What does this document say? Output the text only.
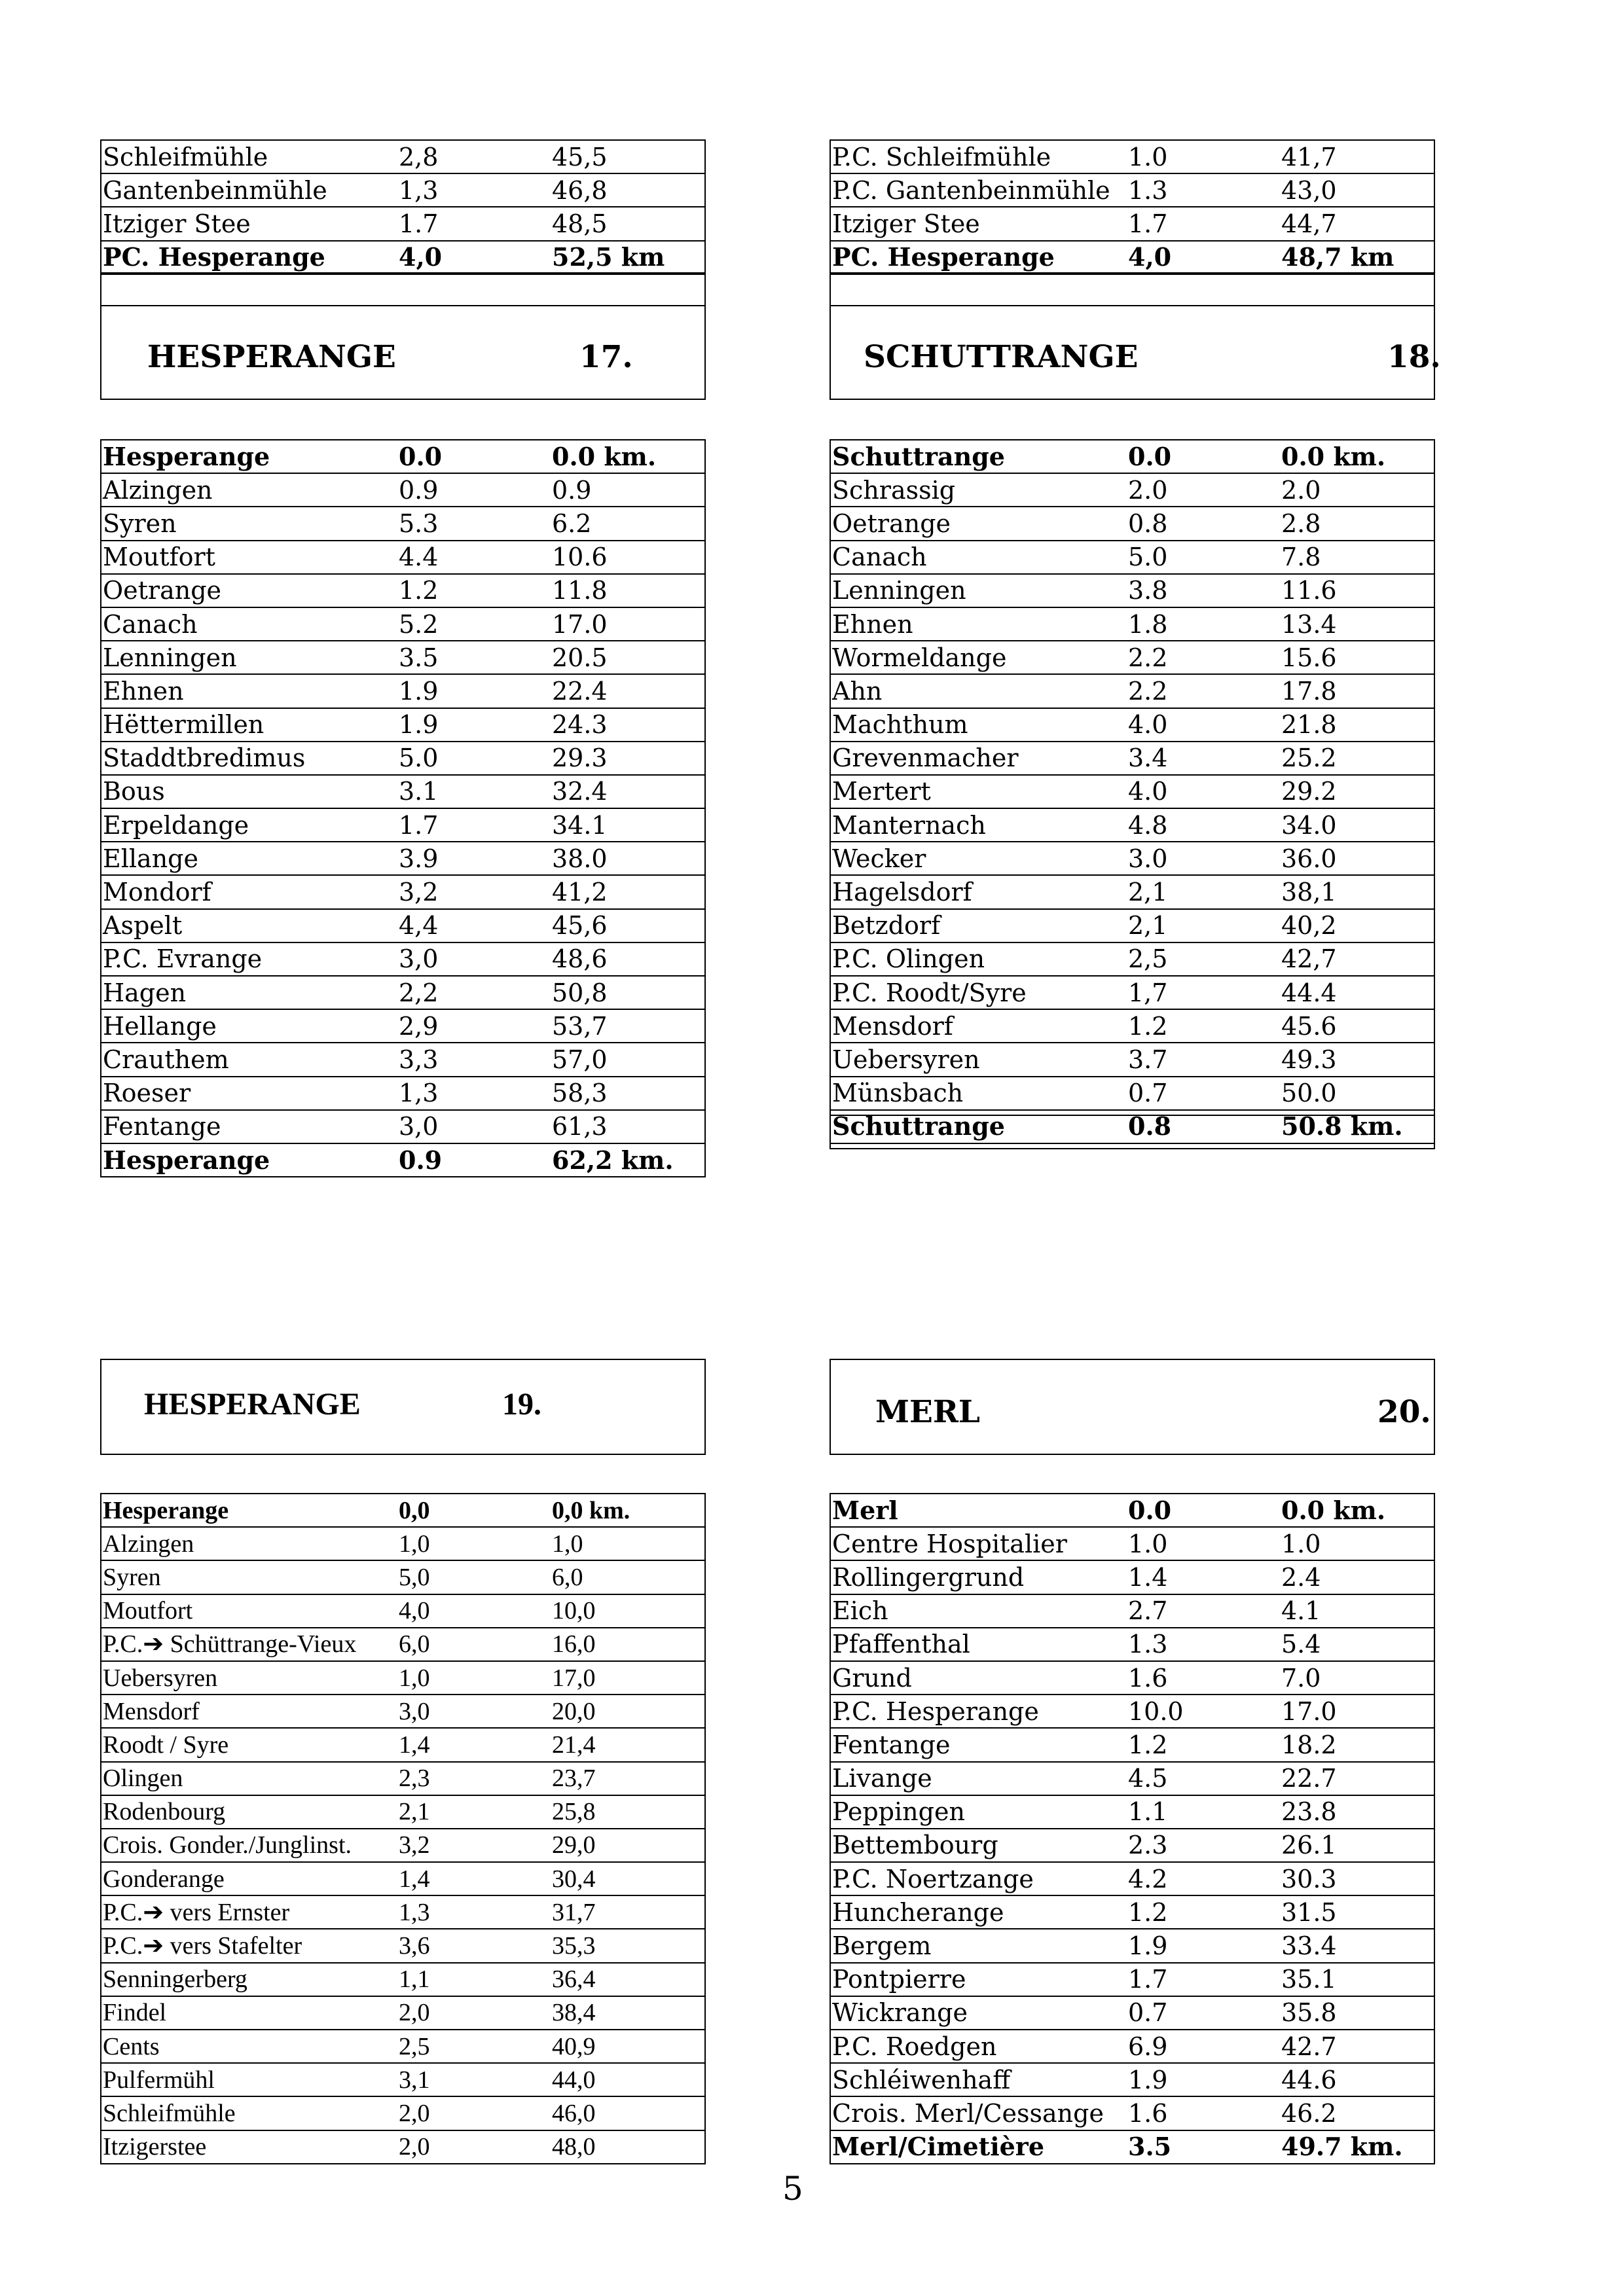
Schleifmühle	2,8	45,5
Gantenbeinmühle	1,3	46,8
Itziger Stee	1.7	48,5
PC. Hesperange	4,0	52,5 km
P.C. Schleifmühle	1.0	41,7
P.C. Gantenbeinmühle	1.3	43,0
Itziger Stee	1.7	44,7
PC. Hesperange	4,0	48,7 km
HESPERANGE	17.	SCHUTTRANGE	18.
Hesperange	0.0	0.0 km.
Alzingen	0.9	0.9
Syren	5.3	6.2
Moutfort	4.4	10.6
Oetrange	1.2	11.8
Canach	5.2	17.0
Lenningen	3.5	20.5
Ehnen	1.9	22.4
Hëttermillen	1.9	24.3
Staddtbredimus	5.0	29.3
Bous	3.1	32.4
Erpeldange	1.7	34.1
Ellange	3.9	38.0
Mondorf	3,2	41,2
Aspelt	4,4	45,6
P.C. Evrange	3,0	48,6
Hagen	2,2	50,8
Hellange	2,9	53,7
Crauthem	3,3	57,0
Roeser	1,3	58,3
Fentange	3,0	61,3
Hesperange	0.9	62,2 km.
Schuttrange	0.0	0.0 km.
Schrassig	2.0	2.0
Oetrange	0.8	2.8
Canach	5.0	7.8
Lenningen	3.8	11.6
Ehnen	1.8	13.4
Wormeldange	2.2	15.6
Ahn	2.2	17.8
Machthum	4.0	21.8
Grevenmacher	3.4	25.2
Mertert	4.0	29.2
Manternach	4.8	34.0
Wecker	3.0	36.0
Hagelsdorf	2,1	38,1
Betzdorf	2,1	40,2
P.C. Olingen	2,5	42,7
P.C. Roodt/Syre	1,7	44.4
Mensdorf	1.2	45.6
Uebersyren	3.7	49.3
Münsbach	0.7	50.0
Schuttrange	0.8	50.8 km.
HESPERANGE	19.	MERL	20.
Hesperange	0,0	0,0 km.
Alzingen	1,0	1,0
Syren	5,0	6,0
Moutfort	4,0	10,0
P.C.➔ Schüttrange-Vieux	6,0	16,0
Uebersyren	1,0	17,0
Mensdorf	3,0	20,0
Roodt / Syre	1,4	21,4
Olingen	2,3	23,7
Rodenbourg	2,1	25,8
Crois. Gonder./Junglinst.	3,2	29,0
Gonderange	1,4	30,4
P.C.➔ vers Ernster	1,3	31,7
P.C.➔ vers Stafelter	3,6	35,3
Senningerberg	1,1	36,4
Findel	2,0	38,4
Cents	2,5	40,9
Pulfermühl	3,1	44,0
Schleifmühle	2,0	46,0
Itzigerstee	2,0	48,0
Merl	0.0	0.0 km.
Centre Hospitalier	1.0	1.0
Rollingergrund	1.4	2.4
Eich	2.7	4.1
Pfaffenthal	1.3	5.4
Grund	1.6	7.0
P.C. Hesperange	10.0	17.0
Fentange	1.2	18.2
Livange	4.5	22.7
Peppingen	1.1	23.8
Bettembourg	2.3	26.1
P.C. Noertzange	4.2	30.3
Huncherange	1.2	31.5
Bergem	1.9	33.4
Pontpierre	1.7	35.1
Wickrange	0.7	35.8
P.C. Roedgen	6.9	42.7
Schléiwenhaff	1.9	44.6
Crois. Merl/Cessange	1.6	46.2
Merl/Cimetière	3.5	49.7 km.
5
